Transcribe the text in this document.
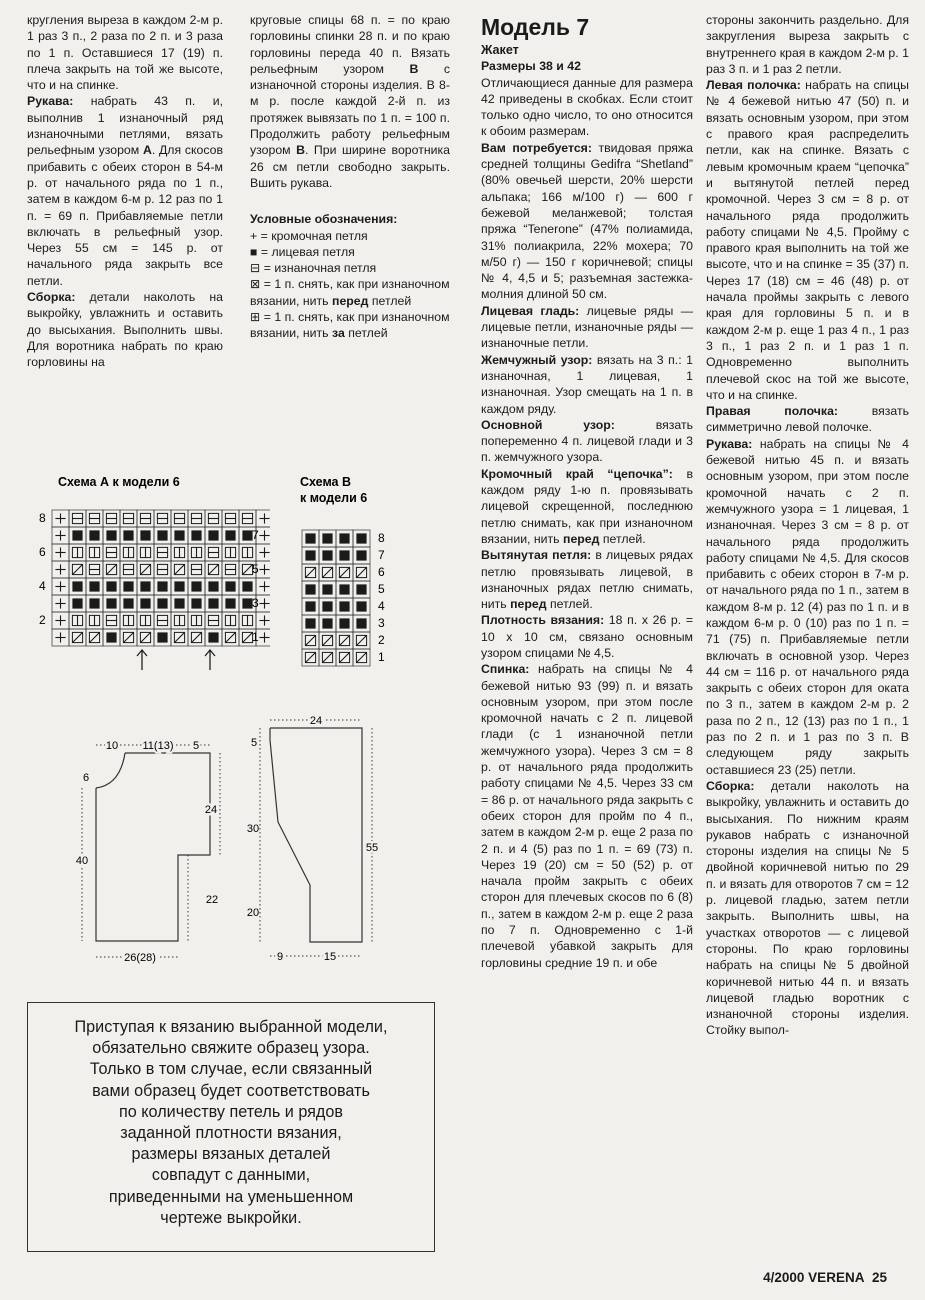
кругления выреза в каждом 2-м р. 1 раз 3 п., 2 раза по 2 п. и 3 раза по 1 п. Оставшиеся 17 (19) п. плеча закрыть на той же высоте, что и на спинке.

Рукава: набрать 43 п. и, выполнив 1 изнаночный ряд изнаночными петлями, вязать рельефным узором А. Для скосов прибавить с обеих сторон в 54-м р. от начального ряда по 1 п., затем в каждом 6-м р. 12 раз по 1 п. = 69 п. Прибавляемые петли включать в рельефный узор. Через 55 см = 145 р. от начального ряда закрыть все петли.

Сборка: детали наколоть на выкройку, увлажнить и оставить до высыхания. Выполнить швы. Для воротника набрать по краю горловины на

круговые спицы 68 п. = по краю горловины спинки 28 п. и по краю горловины переда 40 п. Вязать рельефным узором В с изнаночной стороны изделия. В 8-м р. после каждой 2-й п. из протяжек вывязать по 1 п. = 100 п. Продолжить работу рельефным узором В. При ширине воротника 26 см петли свободно закрыть. Вшить рукава.

Условные обозначения:

+ = кромочная петля

■ = лицевая петля

⊟ = изнаночная петля

⊠ = 1 п. снять, как при изнаночном вязании, нить перед петлей

⊞ = 1 п. снять, как при изнаночном вязании, нить за петлей

Модель 7

Жакет

Размеры 38 и 42

Отличающиеся данные для размера 42 приведены в скобках. Если стоит только одно число, то оно относится к обоим размерам.

Вам потребуется: твидовая пряжа средней толщины Gedifra “Shetland” (80% овечьей шерсти, 20% шерсти альпака; 166 м/100 г) — 600 г бежевой меланжевой; толстая пряжа “Tenerone” (47% полиамида, 31% полиакрила, 22% мохера; 70 м/50 г) — 150 г коричневой; спицы № 4, 4,5 и 5; разъемная застежка-молния длиной 50 см.

Лицевая гладь: лицевые ряды — лицевые петли, изнаночные ряды — изнаночные петли.

Жемчужный узор: вязать на 3 п.: 1 изнаночная, 1 лицевая, 1 изнаночная. Узор смещать на 1 п. в каждом ряду.

Основной узор: вязать попеременно 4 п. лицевой глади и 3 п. жемчужного узора.

Кромочный край “цепочка”: в каждом ряду 1-ю п. провязывать лицевой скрещенной, последнюю петлю снимать, как при изнаночном вязании, нить перед петлей.

Вытянутая петля: в лицевых рядах петлю провязывать лицевой, в изнаночных рядах петлю снимать, нить перед петлей.

Плотность вязания: 18 п. x 26 р. = 10 x 10 см, связано основным узором спицами № 4,5.

Спинка: набрать на спицы № 4 бежевой нитью 93 (99) п. и вязать основным узором, при этом после кромочной начать с 2 п. лицевой глади (с 1 изнаночной петли жемчужного узора). Через 3 см = 8 р. от начального ряда продолжить работу спицами № 4,5. Через 33 см = 86 р. от начального ряда закрыть с обеих сторон для пройм по 4 п., затем в каждом 2-м р. еще 2 раза по 2 п. и 4 (5) раз по 1 п. = 69 (73) п. Через 19 (20) см = 50 (52) р. от начала пройм закрыть с обеих сторон для плечевых скосов по 6 (8) п., затем в каждом 2-м р. еще 2 раза по 7 п. Одновременно с 1-й плечевой убавкой закрыть для горловины средние 19 п. и обе

стороны закончить раздельно. Для закругления выреза закрыть с внутреннего края в каждом 2-м р. 1 раз 3 п. и 1 раз 2 петли.

Левая полочка: набрать на спицы № 4 бежевой нитью 47 (50) п. и вязать основным узором, при этом с правого края распределить петли, как на спинке. Вязать с левым кромочным краем “цепочка” и вытянутой петлей перед кромочной. Через 3 см = 8 р. от начального ряда продолжить работу спицами № 4,5. Пройму с правого края выполнить на той же высоте, что и на спинке = 35 (37) п. Через 17 (18) см = 46 (48) р. от начала проймы закрыть с левого края для горловины 5 п. и в каждом 2-м р. еще 1 раз 4 п., 1 раз 3 п., 1 раз 2 п. и 1 раз 1 п. Одновременно выполнить плечевой скос на той же высоте, что и на спинке.

Правая полочка: вязать симметрично левой полочке.

Рукава: набрать на спицы № 4 бежевой нитью 45 п. и вязать основным узором, при этом после кромочной начать с 2 п. жемчужного узора = 1 лицевая, 1 изнаночная. Через 3 см = 8 р. от начального ряда продолжить работу спицами № 4,5. Для скосов прибавить с обеих сторон в 7-м р. от начального ряда по 1 п., затем в каждом 8-м р. 12 (4) раз по 1 п. и в каждом 6-м р. 0 (10) раз по 1 п. = 71 (75) п. Прибавляемые петли включать в основной узор. Через 44 см = 116 р. от начального ряда закрыть с обеих сторон для оката по 3 п., затем в каждом 2-м р. 2 раза по 2 п., 12 (13) раз по 1 п., 1 раз по 2 п. и 1 раз по 3 п. В следующем ряду закрыть оставшиеся 23 (25) петли.

Сборка: детали наколоть на выкройку, увлажнить и оставить до высыхания. По нижним краям рукавов набрать с изнаночной стороны изделия на спицы № 5 двойной коричневой нитью по 29 п. и вязать для отворотов 7 см = 12 р. лицевой гладью, затем петли закрыть. Выполнить швы, на участках отворотов — с лицевой стороны. По краю горловины набрать на спицы № 5 двойной коричневой нитью 44 п. и вязать лицевой гладью воротник с изнаночной стороны изделия. Стойку выпол-

Схема А к модели 6
8
6
4
2
7
5
3
1
Схема В
к модели 6
8
7
6
5
4
3
2
1
10 11(13) 5
6
40
24
22
26(28)
24
5
30
20
55
9	15
Приступая к вязанию выбранной модели,
обязательно свяжите образец узора.
Только в том случае, если связанный
вами образец будет соответствовать
по количеству петель и рядов
заданной плотности вязания,
размеры вязаных деталей
совпадут с данными,
приведенными на уменьшенном
чертеже выкройки.
4/2000 VERENA 25
